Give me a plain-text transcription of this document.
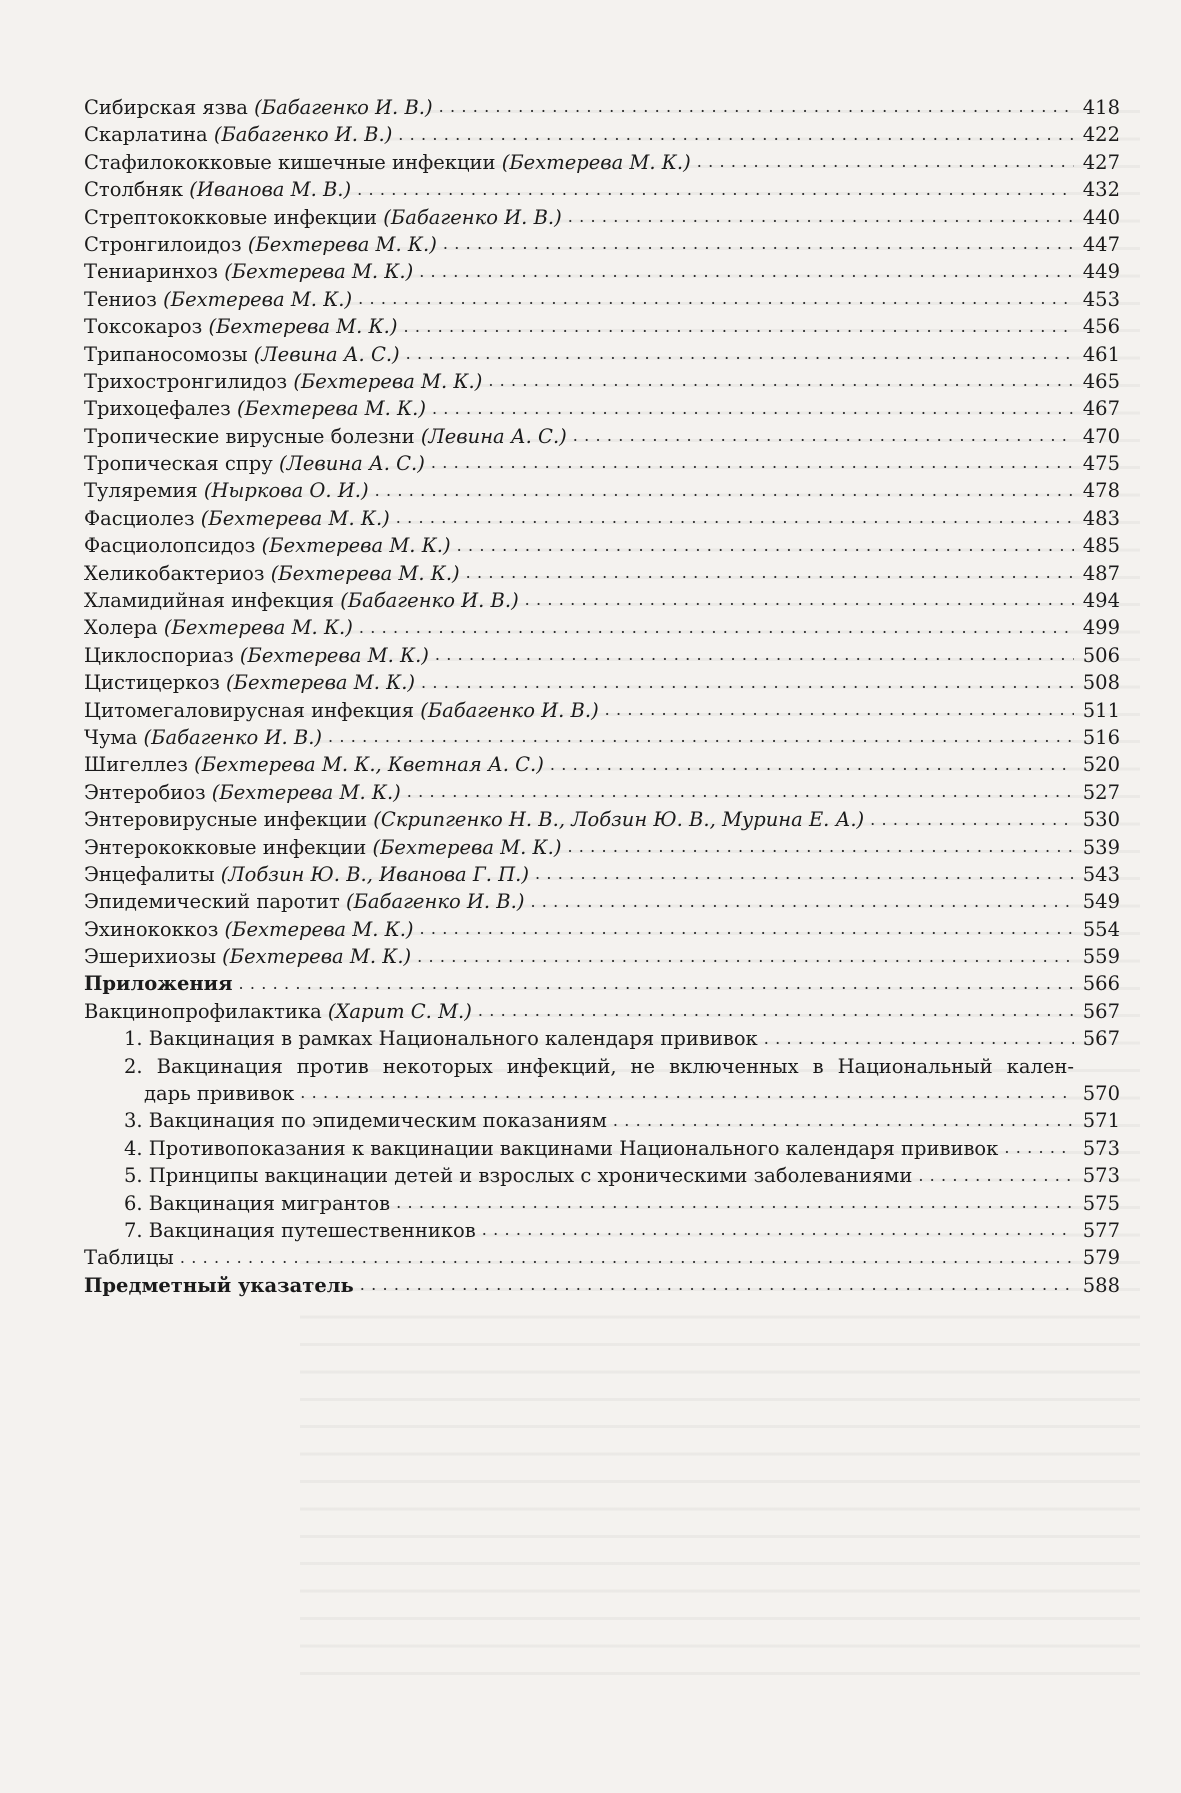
Сибирская язва (Бабагенко И. В.) . . .	418
Скарлатина (Бабагенко И. В.) . . .	422
Стафилококковые кишечные инфекции (Бехтерева М. К.) . . .	427
Столбняк (Иванова М. В.) . . .	432
Стрептококковые инфекции (Бабагенко И. В.) . . .	440
Стронгилоидоз (Бехтерева М. К.) . . .	447
Тениаринхоз (Бехтерева М. К.) . . .	449
Тениоз (Бехтерева М. К.) . . .	453
Токсокароз (Бехтерева М. К.) . . .	456
Трипаносомозы (Левина А. С.) . . .	461
Трихостронгилидоз (Бехтерева М. К.) . . .	465
Трихоцефалез (Бехтерева М. К.) . . .	467
Тропические вирусные болезни (Левина А. С.) . . .	470
Тропическая спру (Левина А. С.) . . .	475
Туляремия (Ныркова О. И.) . . .	478
Фасциолез (Бехтерева М. К.) . . .	483
Фасциолопсидоз (Бехтерева М. К.) . . .	485
Хеликобактериоз (Бехтерева М. К.) . . .	487
Хламидийная инфекция (Бабагенко И. В.) . . .	494
Холера (Бехтерева М. К.) . . .	499
Циклоспориаз (Бехтерева М. К.) . . .	506
Цистицеркоз (Бехтерева М. К.) . . .	508
Цитомегаловирусная инфекция (Бабагенко И. В.) . . .	511
Чума (Бабагенко И. В.) . . .	516
Шигеллез (Бехтерева М. К., Кветная А. С.) . . .	520
Энтеробиоз (Бехтерева М. К.) . . .	527
Энтеровирусные инфекции (Скрипгенко Н. В., Лобзин Ю. В., Мурина Е. А.) . . .	530
Энтерококковые инфекции (Бехтерева М. К.) . . .	539
Энцефалиты (Лобзин Ю. В., Иванова Г. П.) . . .	543
Эпидемический паротит (Бабагенко И. В.) . . .	549
Эхинококкоз (Бехтерева М. К.) . . .	554
Эшерихиозы (Бехтерева М. К.) . . .	559
Приложения . . .	566
Вакцинопрофилактика (Харит С. М.) . . .	567
1. Вакцинация в рамках Национального календаря прививок . . .	567
2. Вакцинация против некоторых инфекций, не включенных в Национальный кален-
дарь прививок . . .	570
3. Вакцинация по эпидемическим показаниям . . .	571
4. Противопоказания к вакцинации вакцинами Национального календаря прививок . . .	573
5. Принципы вакцинации детей и взрослых с хроническими заболеваниями . . .	573
6. Вакцинация мигрантов . . .	575
7. Вакцинация путешественников . . .	577
Таблицы . . .	579
Предметный указатель . . .	588
